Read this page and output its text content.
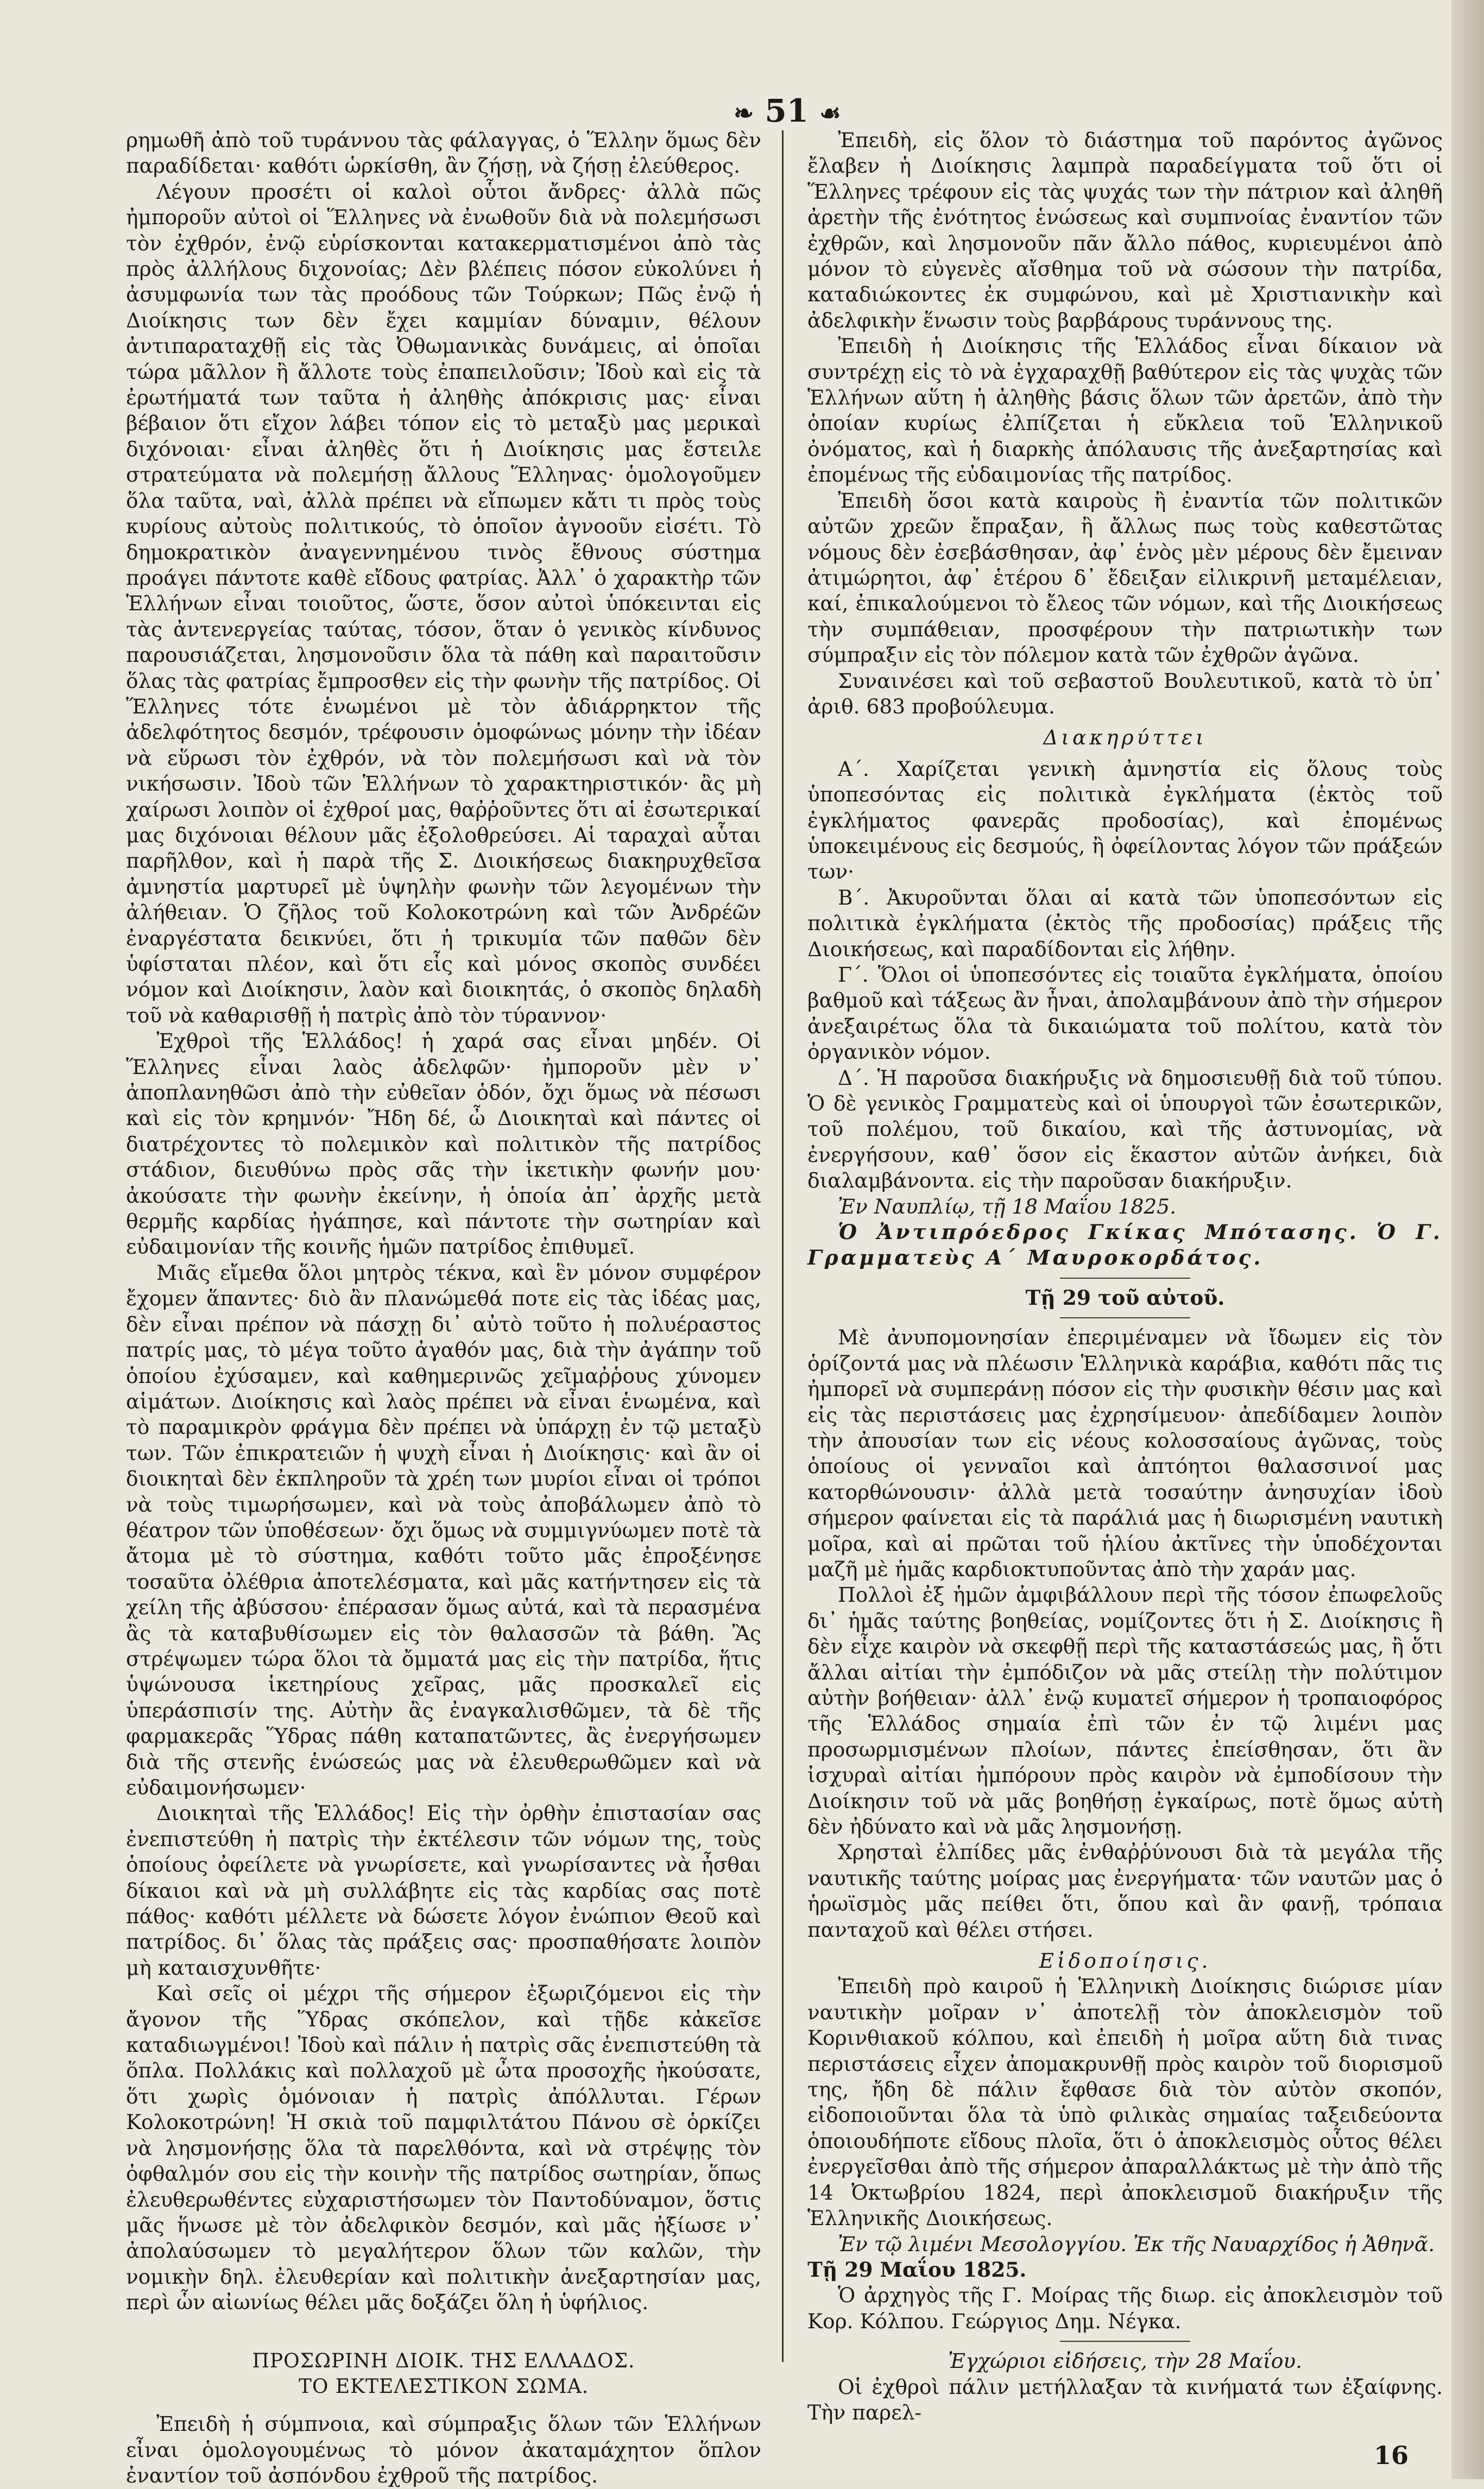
❧ 51 ☙

ρημωθῆ ἀπὸ τοῦ τυράννου τὰς φάλαγγας, ὁ Ἕλλην ὅμως δὲν παραδίδεται· καθότι ὡρκίσθη, ἂν ζήσῃ, νὰ ζήσῃ ἐλεύθερος.

Λέγουν προσέτι οἱ καλοὶ οὗτοι ἄνδρες· ἀλλὰ πῶς ἠμποροῦν αὐτοὶ οἱ Ἕλληνες νὰ ἐνωθοῦν διὰ νὰ πολεμήσωσι τὸν ἐχθρόν, ἐνῷ εὑρίσκονται κατακερματισμένοι ἀπὸ τὰς πρὸς ἀλλήλους διχονοίας; Δὲν βλέπεις πόσον εὐκολύνει ἡ ἀσυμφωνία των τὰς προόδους τῶν Τούρκων; Πῶς ἐνῷ ἡ Διοίκησις των δὲν ἔχει καμμίαν δύναμιν, θέλουν ἀντιπαραταχθῇ εἰς τὰς Ὀθωμανικὰς δυνάμεις, αἱ ὁποῖαι τώρα μᾶλλον ἢ ἄλλοτε τοὺς ἐπαπειλοῦσιν; Ἰδοὺ καὶ εἰς τὰ ἐρωτήματά των ταῦτα ἡ ἀληθὴς ἀπόκρισις μας· εἶναι βέβαιον ὅτι εἴχον λάβει τόπον εἰς τὸ μεταξὺ μας μερικαὶ διχόνοιαι· εἶναι ἀληθὲς ὅτι ἡ Διοίκησις μας ἔστειλε στρατεύματα νὰ πολεμήσῃ ἄλλους Ἕλληνας· ὁμολογοῦμεν ὅλα ταῦτα, ναὶ, ἀλλὰ πρέπει νὰ εἴπωμεν κἄτι τι πρὸς τοὺς κυρίους αὐτοὺς πολιτικούς, τὸ ὁποῖον ἀγνοοῦν εἰσέτι. Τὸ δημοκρατικὸν ἀναγεννημένου τινὸς ἔθνους σύστημα προάγει πάντοτε καθὲ εἴδους φατρίας. Ἀλλ᾽ ὁ χαρακτὴρ τῶν Ἑλλήνων εἶναι τοιοῦτος, ὥστε, ὅσον αὐτοὶ ὑπόκεινται εἰς τὰς ἀντενεργείας ταύτας, τόσον, ὅταν ὁ γενικὸς κίνδυνος παρουσιάζεται, λησμονοῦσιν ὅλα τὰ πάθη καὶ παραιτοῦσιν ὅλας τὰς φατρίας ἔμπροσθεν εἰς τὴν φωνὴν τῆς πατρίδος. Οἱ Ἕλληνες τότε ἑνωμένοι μὲ τὸν ἀδιάρρηκτον τῆς ἀδελφότητος δεσμόν, τρέφουσιν ὁμοφώνως μόνην τὴν ἰδέαν νὰ εὕρωσι τὸν ἐχθρόν, νὰ τὸν πολεμήσωσι καὶ νὰ τὸν νικήσωσιν. Ἰδοὺ τῶν Ἑλλήνων τὸ χαρακτηριστικόν· ἂς μὴ χαίρωσι λοιπὸν οἱ ἐχθροί μας, θαῤῥοῦντες ὅτι αἱ ἐσωτερικαί μας διχόνοιαι θέλουν μᾶς ἐξολοθρεύσει. Αἱ ταραχαὶ αὗται παρῆλθον, καὶ ἡ παρὰ τῆς Σ. Διοικήσεως διακηρυχθεῖσα ἀμνηστία μαρτυρεῖ μὲ ὑψηλὴν φωνὴν τῶν λεγομένων τὴν ἀλήθειαν. Ὁ ζῆλος τοῦ Κολοκοτρώνη καὶ τῶν Ἀνδρέῶν ἐναργέστατα δεικνύει, ὅτι ἡ τρικυμία τῶν παθῶν δὲν ὑφίσταται πλέον, καὶ ὅτι εἷς καὶ μόνος σκοπὸς συνδέει νόμον καὶ Διοίκησιν, λαὸν καὶ διοικητάς, ὁ σκοπὸς δηλαδὴ τοῦ νὰ καθαρισθῇ ἡ πατρὶς ἀπὸ τὸν τύραννον·

Ἐχθροὶ τῆς Ἑλλάδος! ἡ χαρά σας εἶναι μηδέν. Οἱ Ἕλληνες εἶναι λαὸς ἀδελφῶν· ἠμποροῦν μὲν ν᾽ ἀποπλανηθῶσι ἀπὸ τὴν εὐθεῖαν ὁδόν, ὄχι ὅμως νὰ πέσωσι καὶ εἰς τὸν κρημνόν· Ἤδη δέ, ὦ Διοικηταὶ καὶ πάντες οἱ διατρέχοντες τὸ πολεμικὸν καὶ πολιτικὸν τῆς πατρίδος στάδιον, διευθύνω πρὸς σᾶς τὴν ἱκετικὴν φωνήν μου· ἀκούσατε τὴν φωνὴν ἐκείνην, ἡ ὁποία ἀπ᾽ ἀρχῆς μετὰ θερμῆς καρδίας ἠγάπησε, καὶ πάντοτε τὴν σωτηρίαν καὶ εὐδαιμονίαν τῆς κοινῆς ἡμῶν πατρίδος ἐπιθυμεῖ.

Μιᾶς εἴμεθα ὅλοι μητρὸς τέκνα, καὶ ἓν μόνον συμφέρον ἔχομεν ἅπαντες· διὸ ἂν πλανώμεθά ποτε εἰς τὰς ἰδέας μας, δὲν εἶναι πρέπον νὰ πάσχῃ δι᾽ αὐτὸ τοῦτο ἡ πολυέραστος πατρίς μας, τὸ μέγα τοῦτο ἀγαθόν μας, διὰ τὴν ἀγάπην τοῦ ὁποίου ἐχύσαμεν, καὶ καθημερινῶς χεῖμαῤῥους χύνομεν αἱμάτων. Διοίκησις καὶ λαὸς πρέπει νὰ εἶναι ἑνωμένα, καὶ τὸ παραμικρὸν φράγμα δὲν πρέπει νὰ ὑπάρχῃ ἐν τῷ μεταξὺ των. Τῶν ἐπικρατειῶν ἡ ψυχὴ εἶναι ἡ Διοίκησις· καὶ ἂν οἱ διοικηταὶ δὲν ἐκπληροῦν τὰ χρέη των μυρίοι εἶναι οἱ τρόποι νὰ τοὺς τιμωρήσωμεν, καὶ νὰ τοὺς ἀποβάλωμεν ἀπὸ τὸ θέατρον τῶν ὑποθέσεων· ὄχι ὅμως νὰ συμμιγνύωμεν ποτὲ τὰ ἄτομα μὲ τὸ σύστημα, καθότι τοῦτο μᾶς ἐπροξένησε τοσαῦτα ὀλέθρια ἀποτελέσματα, καὶ μᾶς κατήντησεν εἰς τὰ χείλη τῆς ἀβύσσου· ἐπέρασαν ὅμως αὐτά, καὶ τὰ περασμένα ἂς τὰ καταβυθίσωμεν εἰς τὸν θαλασσῶν τὰ βάθη. Ἂς στρέψωμεν τώρα ὅλοι τὰ ὄμματά μας εἰς τὴν πατρίδα, ἥτις ὑψώνουσα ἱκετηρίους χεῖρας, μᾶς προσκαλεῖ εἰς ὑπεράσπισίν της. Αὐτὴν ἂς ἐναγκαλισθῶμεν, τὰ δὲ τῆς φαρμακερᾶς Ὕδρας πάθη καταπατῶντες, ἂς ἐνεργήσωμεν διὰ τῆς στενῆς ἑνώσεώς μας νὰ ἐλευθερωθῶμεν καὶ νὰ εὐδαιμονήσωμεν·

Διοικηταὶ τῆς Ἑλλάδος! Εἰς τὴν ὀρθὴν ἐπιστασίαν σας ἐνεπιστεύθη ἡ πατρὶς τὴν ἐκτέλεσιν τῶν νόμων της, τοὺς ὁποίους ὀφείλετε νὰ γνωρίσετε, καὶ γνωρίσαντες νὰ ἦσθαι δίκαιοι καὶ νὰ μὴ συλλάβητε εἰς τὰς καρδίας σας ποτὲ πάθος· καθότι μέλλετε νὰ δώσετε λόγον ἐνώπιον Θεοῦ καὶ πατρίδος. δι᾽ ὅλας τὰς πράξεις σας· προσπαθήσατε λοιπὸν μὴ καταισχυνθῆτε·

Καὶ σεῖς οἱ μέχρι τῆς σήμερον ἐξωριζόμενοι εἰς τὴν ἄγονον τῆς Ὕδρας σκόπελον, καὶ τῇδε κἀκεῖσε καταδιωγμένοι! Ἰδοὺ καὶ πάλιν ἡ πατρὶς σᾶς ἐνεπιστεύθη τὰ ὅπλα. Πολλάκις καὶ πολλαχοῦ μὲ ὦτα προσοχῆς ἠκούσατε, ὅτι χωρὶς ὁμόνοιαν ἡ πατρὶς ἀπόλλυται. Γέρων Κολοκοτρώνη! Ἡ σκιὰ τοῦ παμφιλτάτου Πάνου σὲ ὁρκίζει νὰ λησμονήσῃς ὅλα τὰ παρελθόντα, καὶ νὰ στρέψῃς τὸν ὀφθαλμόν σου εἰς τὴν κοινὴν τῆς πατρίδος σωτηρίαν, ὅπως ἐλευθερωθέντες εὐχαριστήσωμεν τὸν Παντοδύναμον, ὅστις μᾶς ἥνωσε μὲ τὸν ἀδελφικὸν δεσμόν, καὶ μᾶς ἠξίωσε ν᾽ ἀπολαύσωμεν τὸ μεγαλήτερον ὅλων τῶν καλῶν, τὴν νομικὴν δηλ. ἐλευθερίαν καὶ πολιτικὴν ἀνεξαρτησίαν μας, περὶ ὧν αἰωνίως θέλει μᾶς δοξάζει ὅλη ἡ ὑφήλιος.

ΠΡΟΣΩΡΙΝΗ ΔΙΟΙΚ. ΤΗΣ ΕΛΛΑΔΟΣ.
ΤΟ ΕΚΤΕΛΕΣΤΙΚΟΝ ΣΩΜΑ.

Ἐπειδὴ ἡ σύμπνοια, καὶ σύμπραξις ὅλων τῶν Ἑλλήνων εἶναι ὁμολογουμένως τὸ μόνον ἀκαταμάχητον ὅπλον ἐναντίον τοῦ ἀσπόνδου ἐχθροῦ τῆς πατρίδος.

Ἐπειδὴ, εἰς ὅλον τὸ διάστημα τοῦ παρόντος ἀγῶνος ἔλαβεν ἡ Διοίκησις λαμπρὰ παραδείγματα τοῦ ὅτι οἱ Ἕλληνες τρέφουν εἰς τὰς ψυχάς των τὴν πάτριον καὶ ἀληθῆ ἀρετὴν τῆς ἐνότητος ἑνώσεως καὶ συμπνοίας ἐναντίον τῶν ἐχθρῶν, καὶ λησμονοῦν πᾶν ἄλλο πάθος, κυριευμένοι ἀπὸ μόνον τὸ εὐγενὲς αἴσθημα τοῦ νὰ σώσουν τὴν πατρίδα, καταδιώκοντες ἐκ συμφώνου, καὶ μὲ Χριστιανικὴν καὶ ἀδελφικὴν ἕνωσιν τοὺς βαρβάρους τυράννους της.

Ἐπειδὴ ἡ Διοίκησις τῆς Ἑλλάδος εἶναι δίκαιον νὰ συντρέχῃ εἰς τὸ νὰ ἐγχαραχθῇ βαθύτερον εἰς τὰς ψυχὰς τῶν Ἑλλήνων αὕτη ἡ ἀληθὴς βάσις ὅλων τῶν ἀρετῶν, ἀπὸ τὴν ὁποίαν κυρίως ἐλπίζεται ἡ εὔκλεια τοῦ Ἑλληνικοῦ ὀνόματος, καὶ ἡ διαρκὴς ἀπόλαυσις τῆς ἀνεξαρτησίας καὶ ἐπομένως τῆς εὐδαιμονίας τῆς πατρίδος.

Ἐπειδὴ ὅσοι κατὰ καιροὺς ἢ ἐναντία τῶν πολιτικῶν αὐτῶν χρεῶν ἔπραξαν, ἢ ἄλλως πως τοὺς καθεστῶτας νόμους δὲν ἐσεβάσθησαν, ἀφ᾽ ἑνὸς μὲν μέρους δὲν ἔμειναν ἀτιμώρητοι, ἀφ᾽ ἑτέρου δ᾽ ἔδειξαν εἰλικρινῆ μεταμέλειαν, καί, ἐπικαλούμενοι τὸ ἔλεος τῶν νόμων, καὶ τῆς Διοικήσεως τὴν συμπάθειαν, προσφέρουν τὴν πατριωτικὴν των σύμπραξιν εἰς τὸν πόλεμον κατὰ τῶν ἐχθρῶν ἀγῶνα.

Συναινέσει καὶ τοῦ σεβαστοῦ Βουλευτικοῦ, κατὰ τὸ ὑπ᾽ ἀριθ. 683 προβούλευμα.

Διακηρύττει

Α΄. Χαρίζεται γενικὴ ἀμνηστία εἰς ὅλους τοὺς ὑποπεσόντας εἰς πολιτικὰ ἐγκλήματα (ἐκτὸς τοῦ ἐγκλήματος φανερᾶς προδοσίας), καὶ ἐπομένως ὑποκειμένους εἰς δεσμούς, ἢ ὀφείλοντας λόγον τῶν πράξεών των·

Β΄. Ἀκυροῦνται ὅλαι αἱ κατὰ τῶν ὑποπεσόντων εἰς πολιτικὰ ἐγκλήματα (ἐκτὸς τῆς προδοσίας) πράξεις τῆς Διοικήσεως, καὶ παραδίδονται εἰς λήθην.

Γ΄. Ὅλοι οἱ ὑποπεσόντες εἰς τοιαῦτα ἐγκλήματα, ὁποίου βαθμοῦ καὶ τάξεως ἂν ἦναι, ἀπολαμβάνουν ἀπὸ τὴν σήμερον ἀνεξαιρέτως ὅλα τὰ δικαιώματα τοῦ πολίτου, κατὰ τὸν ὀργανικὸν νόμον.

Δ΄. Ἡ παροῦσα διακήρυξις νὰ δημοσιευθῇ διὰ τοῦ τύπου. Ὁ δὲ γενικὸς Γραμματεὺς καὶ οἱ ὑπουργοὶ τῶν ἐσωτερικῶν, τοῦ πολέμου, τοῦ δικαίου, καὶ τῆς ἀστυνομίας, νὰ ἐνεργήσουν, καθ᾽ ὅσον εἰς ἕκαστον αὐτῶν ἀνήκει, διὰ διαλαμβάνοντα. εἰς τὴν παροῦσαν διακήρυξιν.

Ἐν Ναυπλίῳ, τῇ 18 Μαΐου 1825.

Ὁ Ἀντιπρόεδρος Γκίκας Μπότασης. Ὁ Γ. Γραμματεὺς Α΄ Μαυροκορδάτος.

Τῇ 29 τοῦ αὐτοῦ.

Μὲ ἀνυπομονησίαν ἐπεριμέναμεν νὰ ἴδωμεν εἰς τὸν ὁρίζοντά μας νὰ πλέωσιν Ἑλληνικὰ καράβια, καθότι πᾶς τις ἠμπορεῖ νὰ συμπεράνῃ πόσον εἰς τὴν φυσικὴν θέσιν μας καὶ εἰς τὰς περιστάσεις μας ἐχρησίμευον· ἀπεδίδαμεν λοιπὸν τὴν ἀπουσίαν των εἰς νέους κολοσσαίους ἀγῶνας, τοὺς ὁποίους οἱ γενναῖοι καὶ ἀπτόητοι θαλασσινοί μας κατορθώνουσιν· ἀλλὰ μετὰ τοσαύτην ἀνησυχίαν ἰδοὺ σήμερον φαίνεται εἰς τὰ παράλιά μας ἡ διωρισμένη ναυτικὴ μοῖρα, καὶ αἱ πρῶται τοῦ ἡλίου ἀκτῖνες τὴν ὑποδέχονται μαζῆ μὲ ἡμᾶς καρδιοκτυποῦντας ἀπὸ τὴν χαράν μας.

Πολλοὶ ἐξ ἡμῶν ἀμφιβάλλουν περὶ τῆς τόσον ἐπωφελοῦς δι᾽ ἡμᾶς ταύτης βοηθείας, νομίζοντες ὅτι ἡ Σ. Διοίκησις ἢ δὲν εἶχε καιρὸν νὰ σκεφθῇ περὶ τῆς καταστάσεώς μας, ἢ ὅτι ἄλλαι αἰτίαι τὴν ἐμπόδιζον νὰ μᾶς στείλῃ τὴν πολύτιμον αὐτὴν βοήθειαν· ἀλλ᾽ ἐνῷ κυματεῖ σήμερον ἡ τροπαιοφόρος τῆς Ἑλλάδος σημαία ἐπὶ τῶν ἐν τῷ λιμένι μας προσωρμισμένων πλοίων, πάντες ἐπείσθησαν, ὅτι ἂν ἰσχυραὶ αἰτίαι ἠμπόρουν πρὸς καιρὸν νὰ ἐμποδίσουν τὴν Διοίκησιν τοῦ νὰ μᾶς βοηθήσῃ ἐγκαίρως, ποτὲ ὅμως αὐτὴ δὲν ἠδύνατο καὶ νὰ μᾶς λησμονήσῃ.

Χρησταὶ ἐλπίδες μᾶς ἐνθαῤῥύνουσι διὰ τὰ μεγάλα τῆς ναυτικῆς ταύτης μοίρας μας ἐνεργήματα· τῶν ναυτῶν μας ὁ ἡρωϊσμὸς μᾶς πείθει ὅτι, ὅπου καὶ ἂν φανῇ, τρόπαια πανταχοῦ καὶ θέλει στήσει.

Εἰδοποίησις.

Ἐπειδὴ πρὸ καιροῦ ἡ Ἑλληνικὴ Διοίκησις διώρισε μίαν ναυτικὴν μοῖραν ν᾽ ἀποτελῇ τὸν ἀποκλεισμὸν τοῦ Κορινθιακοῦ κόλπου, καὶ ἐπειδὴ ἡ μοῖρα αὕτη διὰ τινας περιστάσεις εἶχεν ἀπομακρυνθῇ πρὸς καιρὸν τοῦ διορισμοῦ της, ἤδη δὲ πάλιν ἔφθασε διὰ τὸν αὐτὸν σκοπόν, εἰδοποιοῦνται ὅλα τὰ ὑπὸ φιλικὰς σημαίας ταξειδεύοντα ὁποιουδήποτε εἴδους πλοῖα, ὅτι ὁ ἀποκλεισμὸς οὗτος θέλει ἐνεργεῖσθαι ἀπὸ τῆς σήμερον ἀπαραλλάκτως μὲ τὴν ἀπὸ τῆς 14 Ὀκτωβρίου 1824, περὶ ἀποκλεισμοῦ διακήρυξιν τῆς Ἑλληνικῆς Διοικήσεως.

Ἐν τῷ λιμένι Μεσολογγίου. Ἐκ τῆς Ναυαρχίδος ἡ Ἀθηνᾶ.

Τῇ 29 Μαΐου 1825.

Ὁ ἀρχηγὸς τῆς Γ. Μοίρας τῆς διωρ. εἰς ἀποκλεισμὸν τοῦ Κορ. Κόλπου. Γεώργιος Δημ. Νέγκα.

Ἐγχώριοι εἰδήσεις, τὴν 28 Μαΐου.

Οἱ ἐχθροὶ πάλιν μετήλλαξαν τὰ κινήματά των ἐξαίφνης. Τὴν παρελ-

16
